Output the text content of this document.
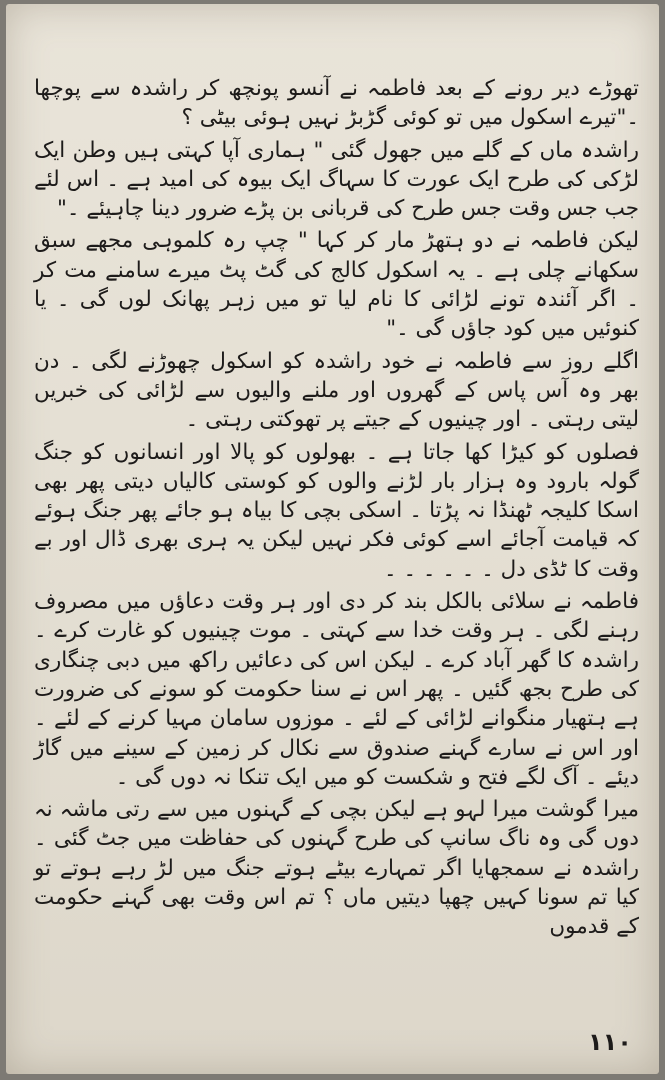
تھوڑے دیر رونے کے بعد فاطمہ نے آنسو پونچھ کر راشدہ سے پوچھا ۔"تیرے اسکول میں تو کوئی گڑبڑ نہیں ہوئی بیٹی ؟

راشدہ ماں کے گلے میں جھول گئی " ہماری آپا کہتی ہیں وطن ایک لڑکی کی طرح ایک عورت کا سہاگ ایک بیوہ کی امید ہے ۔ اس لئے جب جس وقت جس طرح کی قربانی بن پڑے ضرور دینا چاہیئے ۔"

لیکن فاطمہ نے دو ہتھڑ مار کر کہا " چپ رہ کلموہی مجھے سبق سکھانے چلی ہے ۔ یہ اسکول کالج کی گٹ پٹ میرے سامنے مت کر ۔ اگر آئندہ تونے لڑائی کا نام لیا تو میں زہر پھانک لوں گی ۔ یا کنوئیں میں کود جاؤں گی ۔"

اگلے روز سے فاطمہ نے خود راشدہ کو اسکول چھوڑنے لگی ۔ دن بھر وہ آس پاس کے گھروں اور ملنے والیوں سے لڑائی کی خبریں لیتی رہتی ۔ اور چینیوں کے جیتے پر تھوکتی رہتی ۔

فصلوں کو کیڑا کھا جاتا ہے ۔ بھولوں کو پالا اور انسانوں کو جنگ گولہ بارود وہ ہزار بار لڑنے والوں کو کوستی کالیاں دیتی پھر بھی اسکا کلیجہ ٹھنڈا نہ پڑتا ۔ اسکی بچی کا بیاہ ہو جائے پھر جنگ ہوئے کہ قیامت آجائے اسے کوئی فکر نہیں لیکن یہ ہری بھری ڈال اور بے وقت کا ٹڈی دل ۔ ۔ ۔ ۔ ۔ ۔

فاطمہ نے سلائی بالکل بند کر دی اور ہر وقت دعاؤں میں مصروف رہنے لگی ۔ ہر وقت خدا سے کہتی ۔ موت چینیوں کو غارت کرے ۔ راشدہ کا گھر آباد کرے ۔ لیکن اس کی دعائیں راکھ میں دبی چنگاری کی طرح بجھ گئیں ۔ پھر اس نے سنا حکومت کو سونے کی ضرورت ہے ہتھیار منگوانے لڑائی کے لئے ۔ موزوں سامان مہیا کرنے کے لئے ۔ اور اس نے سارے گہنے صندوق سے نکال کر زمین کے سینے میں گاڑ دیئے ۔ آگ لگے فتح و شکست کو میں ایک تنکا نہ دوں گی ۔

میرا گوشت میرا لہو ہے لیکن بچی کے گہنوں میں سے رتی ماشہ نہ دوں گی وہ ناگ سانپ کی طرح گہنوں کی حفاظت میں جٹ گئی ۔ راشدہ نے سمجھایا اگر تمہارے بیٹے ہوتے جنگ میں لڑ رہے ہوتے تو کیا تم سونا کہیں چھپا دیتیں ماں ؟ تم اس وقت بھی گہنے حکومت کے قدموں

۱۱۰
